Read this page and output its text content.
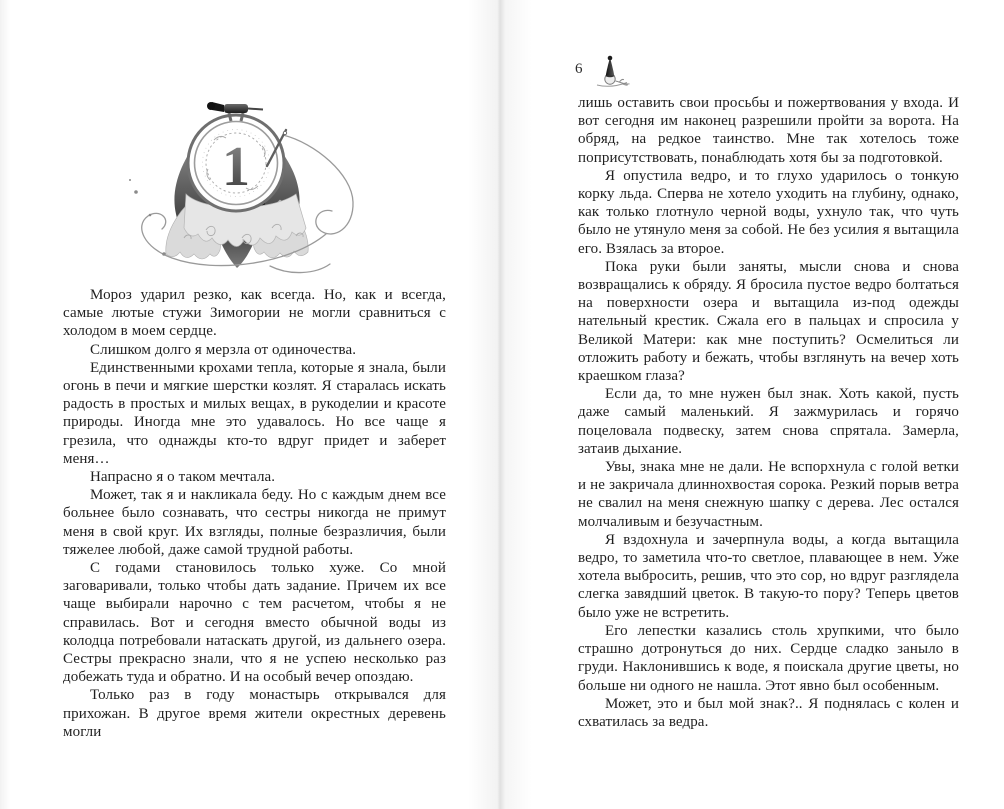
1

Мороз ударил резко, как всегда. Но, как и всегда, самые лютые стужи Зимогории не могли сравниться с холодом в моем сердце.

Слишком долго я мерзла от одиночества.

Единственными крохами тепла, которые я знала, были огонь в печи и мягкие шерстки козлят. Я старалась искать радость в простых и милых вещах, в рукоделии и красоте природы. Иногда мне это удавалось. Но все чаще я грезила, что однажды кто-то вдруг придет и заберет меня…

Напрасно я о таком мечтала.

Может, так я и накликала беду. Но с каждым днем все больнее было сознавать, что сестры никогда не примут меня в свой круг. Их взгляды, полные безразличия, были тяжелее любой, даже самой трудной работы.

С годами становилось только хуже. Со мной заговаривали, только чтобы дать задание. Причем их все чаще выбирали нарочно с тем расчетом, чтобы я не справилась. Вот и сегодня вместо обычной воды из колодца потребовали натаскать другой, из дальнего озера. Сестры прекрасно знали, что я не успею несколько раз добежать туда и обратно. И на особый вечер опоздаю.

Только раз в году монастырь открывался для прихожан. В другое время жители окрестных деревень могли

6

лишь оставить свои просьбы и пожертвования у входа. И вот сегодня им наконец разрешили пройти за ворота. На обряд, на редкое таинство. Мне так хотелось тоже поприсутствовать, понаблюдать хотя бы за подготовкой.

Я опустила ведро, и то глухо ударилось о тонкую корку льда. Сперва не хотело уходить на глубину, однако, как только глотнуло черной воды, ухнуло так, что чуть было не утянуло меня за собой. Не без усилия я вытащила его. Взялась за второе.

Пока руки были заняты, мысли снова и снова возвращались к обряду. Я бросила пустое ведро болтаться на поверхности озера и вытащила из-под одежды нательный крестик. Сжала его в пальцах и спросила у Великой Матери: как мне поступить? Осмелиться ли отложить работу и бежать, чтобы взглянуть на вечер хоть краешком глаза?

Если да, то мне нужен был знак. Хоть какой, пусть даже самый маленький. Я зажмурилась и горячо поцеловала подвеску, затем снова спрятала. Замерла, затаив дыхание.

Увы, знака мне не дали. Не вспорхнула с голой ветки и не закричала длиннохвостая сорока. Резкий порыв ветра не свалил на меня снежную шапку с дерева. Лес остался молчаливым и безучастным.

Я вздохнула и зачерпнула воды, а когда вытащила ведро, то заметила что-то светлое, плавающее в нем. Уже хотела выбросить, решив, что это сор, но вдруг разглядела слегка завядший цветок. В такую-то пору? Теперь цветов было уже не встретить.

Его лепестки казались столь хрупкими, что было страшно дотронуться до них. Сердце сладко заныло в груди. Наклонившись к воде, я поискала другие цветы, но больше ни одного не нашла. Этот явно был особенным.

Может, это и был мой знак?.. Я поднялась с колен и схватилась за ведра.
